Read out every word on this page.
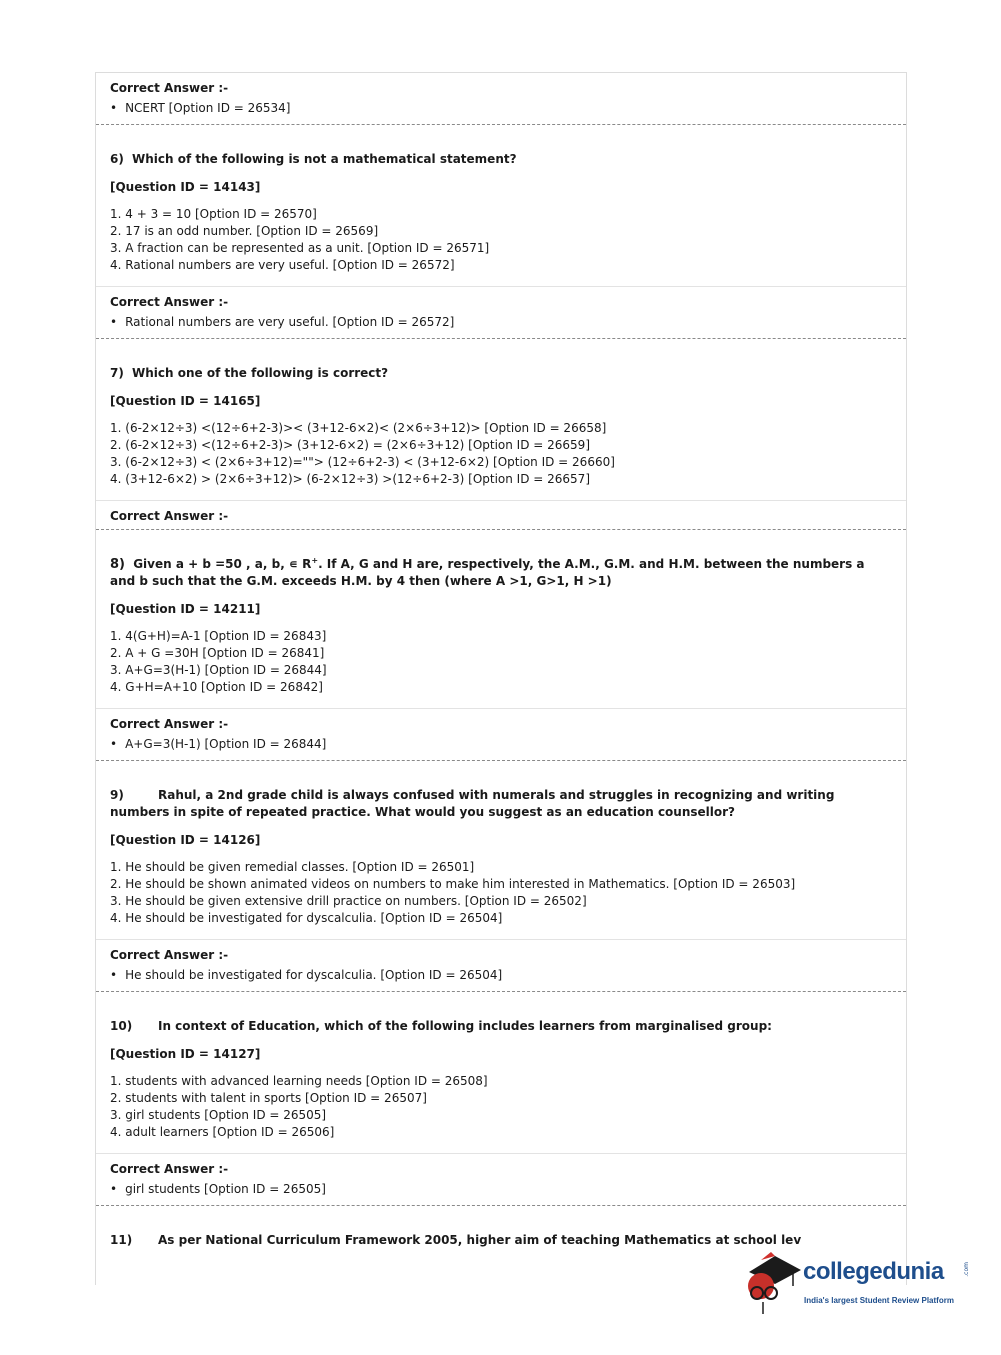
Correct Answer :-
• NCERT [Option ID = 26534]
6) Which of the following is not a mathematical statement?
[Question ID = 14143]
1. 4 + 3 = 10 [Option ID = 26570]
2. 17 is an odd number. [Option ID = 26569]
3. A fraction can be represented as a unit. [Option ID = 26571]
4. Rational numbers are very useful. [Option ID = 26572]
Correct Answer :-
• Rational numbers are very useful. [Option ID = 26572]
7) Which one of the following is correct?
[Question ID = 14165]
1. (6-2×12÷3) <(12÷6+2-3)>< (3+12-6×2)< (2×6÷3+12)> [Option ID = 26658]
2. (6-2×12÷3) <(12÷6+2-3)> (3+12-6×2) = (2×6÷3+12) [Option ID = 26659]
3. (6-2×12÷3) < (2×6÷3+12)=""> (12÷6+2-3) < (3+12-6×2) [Option ID = 26660]
4. (3+12-6×2) > (2×6÷3+12)> (6-2×12÷3) >(12÷6+2-3) [Option ID = 26657]
Correct Answer :-
8) Given a + b =50 , a, b, ∊ R+. If A, G and H are, respectively, the A.M., G.M. and H.M. between the numbers a and b such that the G.M. exceeds H.M. by 4 then (where A >1, G>1, H >1)
[Question ID = 14211]
1. 4(G+H)=A-1 [Option ID = 26843]
2. A + G =30H [Option ID = 26841]
3. A+G=3(H-1) [Option ID = 26844]
4. G+H=A+10 [Option ID = 26842]
Correct Answer :-
• A+G=3(H-1) [Option ID = 26844]
9)	Rahul, a 2nd grade child is always confused with numerals and struggles in recognizing and writing numbers in spite of repeated practice. What would you suggest as an education counsellor?
[Question ID = 14126]
1. He should be given remedial classes. [Option ID = 26501]
2. He should be shown animated videos on numbers to make him interested in Mathematics. [Option ID = 26503]
3. He should be given extensive drill practice on numbers. [Option ID = 26502]
4. He should be investigated for dyscalculia. [Option ID = 26504]
Correct Answer :-
• He should be investigated for dyscalculia. [Option ID = 26504]
10) In context of Education, which of the following includes learners from marginalised group:
[Question ID = 14127]
1. students with advanced learning needs [Option ID = 26508]
2. students with talent in sports [Option ID = 26507]
3. girl students [Option ID = 26505]
4. adult learners [Option ID = 26506]
Correct Answer :-
• girl students [Option ID = 26505]
11) As per National Curriculum Framework 2005, higher aim of teaching Mathematics at school lev
collegedunia	.com
India's largest Student Review Platform
